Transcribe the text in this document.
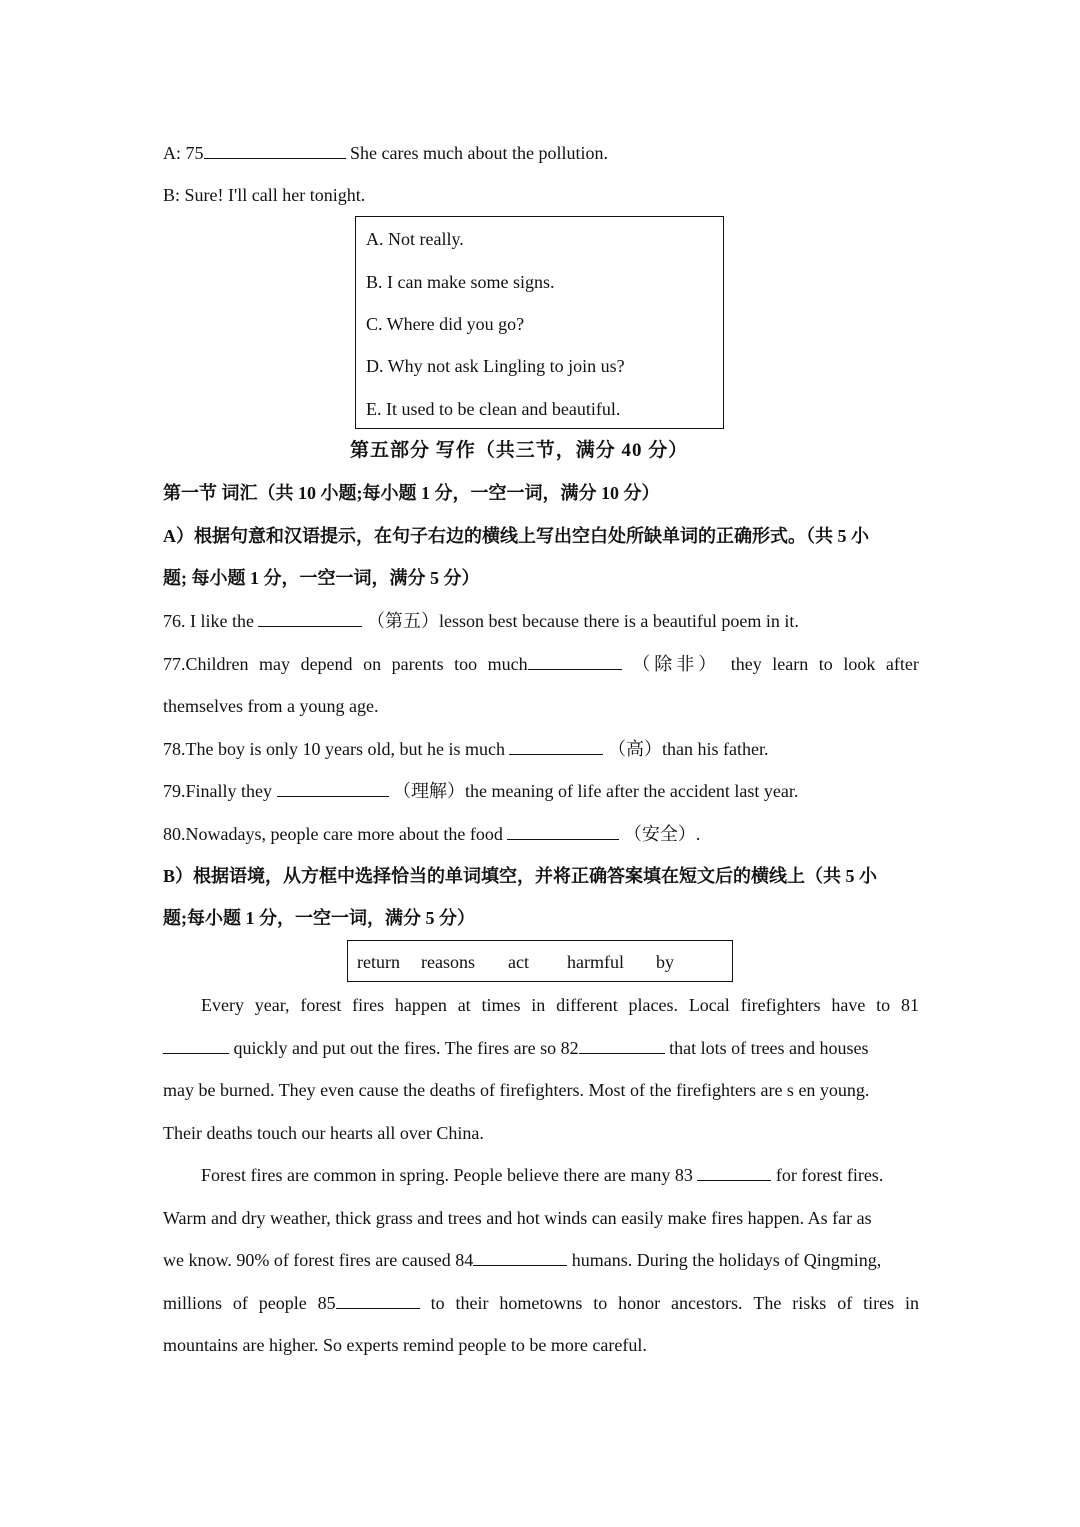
A: 75	She cares much about the pollution.
B: Sure! I'll call her tonight.
A. Not really.
B. I can make some signs.
C. Where did you go?
D. Why not ask Lingling to join us?
E. It used to be clean and beautiful.
第五部分 写作（共三节，满分 40 分）
第一节 词汇（共 10 小题;每小题 1 分，一空一词，满分 10 分）
A）根据句意和汉语提示，在句子右边的横线上写出空白处所缺单词的正确形式。（共 5 小
题; 每小题 1 分，一空一词，满分 5 分）
76. I like the	（第五）lesson best because there is a beautiful poem in it.
77.Children may depend on parents too much	（除非） they learn to look after
themselves from a young age.
78.The boy is only 10 years old, but he is much	（高）than his father.
79.Finally they	（理解）the meaning of life after the accident last year.
80.Nowadays, people care more about the food	（安全）.
B）根据语境，从方框中选择恰当的单词填空，并将正确答案填在短文后的横线上（共 5 小
题;每小题 1 分，一空一词，满分 5 分）
return reasons act harmful by
Every year, forest fires happen at times in different places. Local firefighters have to 81
quickly and put out the fires. The fires are so 82	that lots of trees and houses
may be burned. They even cause the deaths of firefighters. Most of the firefighters are s en young.
Their deaths touch our hearts all over China.
Forest fires are common in spring. People believe there are many 83	for forest fires.
Warm and dry weather, thick grass and trees and hot winds can easily make fires happen. As far as
we know. 90% of forest fires are caused 84	humans. During the holidays of Qingming,
millions of people 85	to their hometowns to honor ancestors. The risks of tires in
mountains are higher. So experts remind people to be more careful.
